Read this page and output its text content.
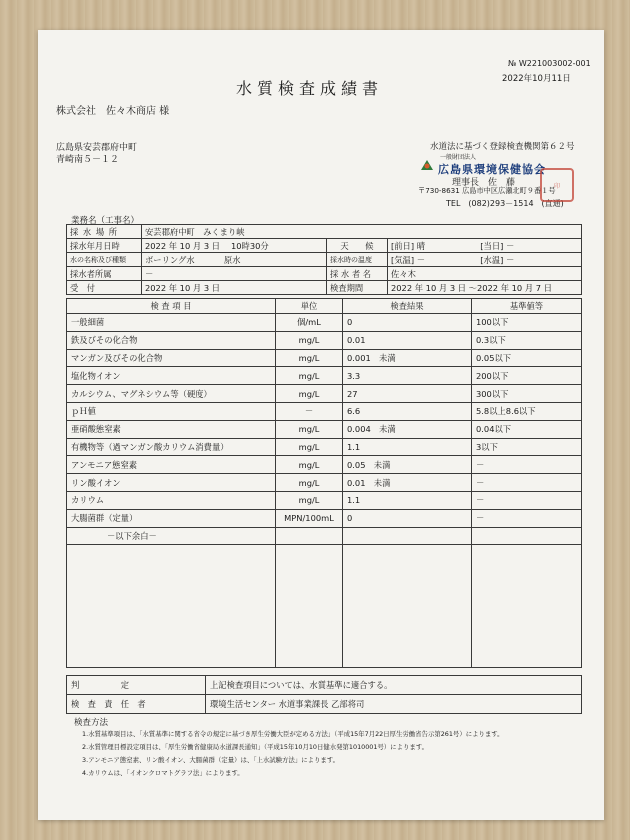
№ W221003002-001
2022年10月11日
水質検査成績書
株式会社　佐々木商店 様
広島県安芸郡府中町
青崎南５－１２
水道法に基づく登録検査機関第６２号
一般財団法人
広島県環境保健協会
理事長　佐　藤
〒730-8631 広島市中区広瀬北町９番１号
TEL　(082)293－1514　(直通)
印
業務名（工事名）
採 水 場 所	安芸郡府中町　みくまり峡		
採水年月日時	2022 年 10 月 3 日　 10時30分	天　　候	[前日] 晴 [当日] －
水の名称及び種類	ボーリング水 原水	採水時の温度	[気温] － [水温] －
採水者所属	－	採 水 者 名	佐々木
受　付	2022 年 10 月 3 日	検査期間	2022 年 10 月 3 日 ～2022 年 10 月 7 日
検 査 項 目	単位	検査結果	基準値等
一般細菌	個/mL	0	100以下
鉄及びその化合物	mg/L	0.01	0.3以下
マンガン及びその化合物	mg/L	0.001　未満	0.05以下
塩化物イオン	mg/L	3.3	200以下
カルシウム、マグネシウム等（硬度）	mg/L	27	300以下
ｐＨ値	－	6.6	5.8以上8.6以下
亜硝酸態窒素	mg/L	0.004　未満	0.04以下
有機物等（過マンガン酸カリウム消費量）	mg/L	1.1	3以下
アンモニア態窒素	mg/L	0.05　未満	－
リン酸イオン	mg/L	0.01　未満	－
カリウム	mg/L	1.1	－
大腸菌群（定量）	MPN/100mL	0	－
－以下余白－			

判　　　　　定	上記検査項目については、水質基準に適合する。
検　査　責　任　者	環境生活センター 水道事業課長 乙部将司
検査方法
1.水質基準項目は、「水質基準に関する省令の規定に基づき厚生労働大臣が定める方法」（平成15年7月22日厚生労働省告示第261号）によります。
2.水質管理目標設定項目は、「厚生労働省健康局水道課長通知」（平成15年10月10日健水発第1010001号）によります。
3.アンモニア態窒素、リン酸イオン、大腸菌群（定量）は、「上水試験方法」によります。
4.カリウムは、「イオンクロマトグラフ法」によります。
